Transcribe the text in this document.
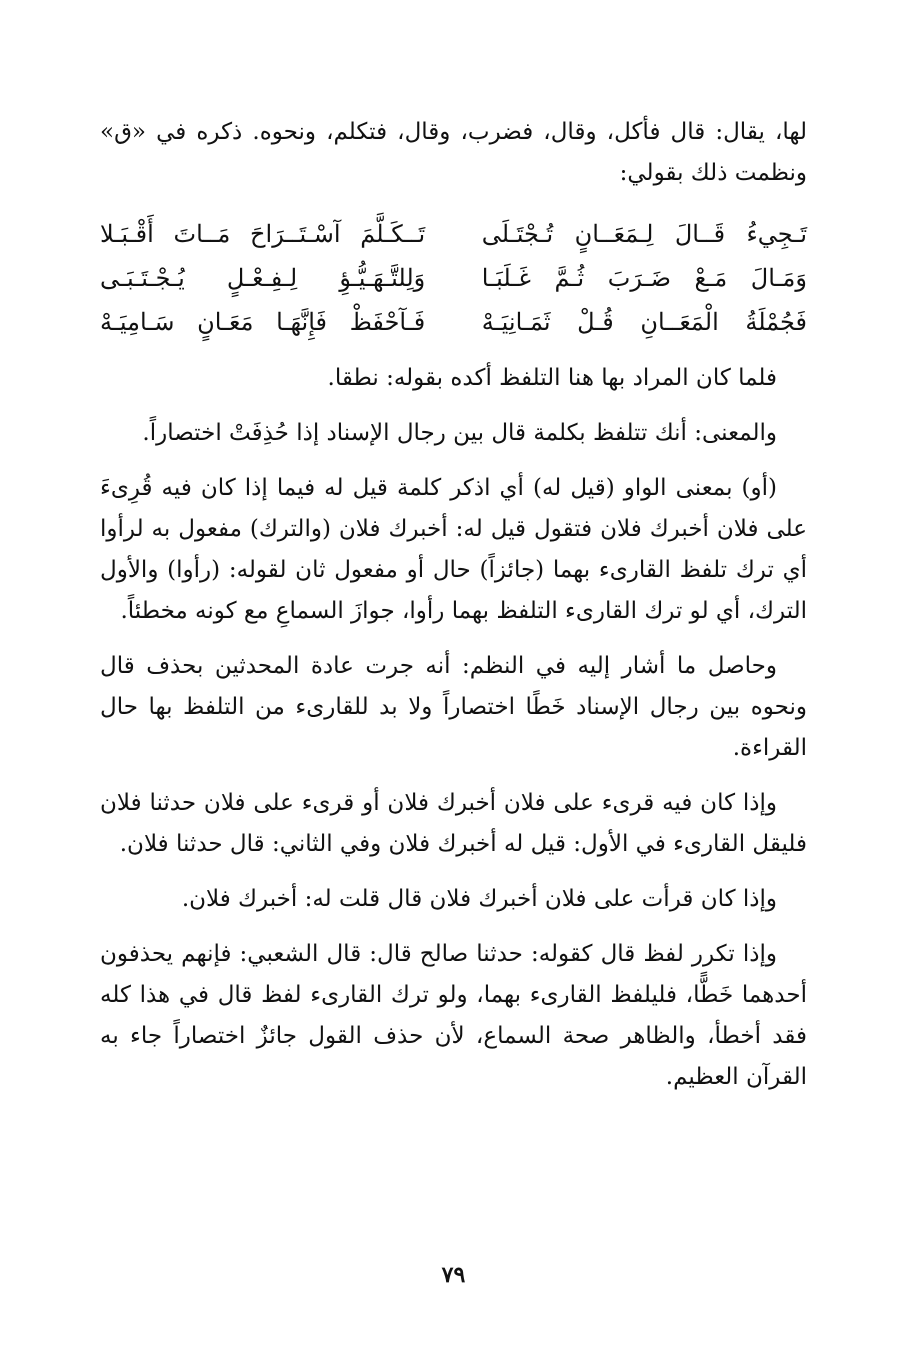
لها، يقال: قال فأكل، وقال، فضرب، وقال، فتكلم، ونحوه. ذكره في «ق» ونظمت ذلك بقولي:

تَـجِيءُ قَــالَ لِـمَعَــانٍ تُـجْتَـلَى
تَــكَـلَّمَ آسْـتَــرَاحَ مَــاتَ أَقْـبَـلا
وَمَـالَ مَـعْ ضَـرَبَ ثُـمَّ غَـلَبَـا
وَلِلتَّـهَـيُّـؤِ لِـفِـعْـلٍ يُـجْـتَـبَـى
فَجُمْلَةُ الْمَعَــانِ قُـلْ ثَمَـانِيَـهْ
فَـآحْفَظْ فَإِنَّهَـا مَعَـانٍ سَـامِيَـهْ

فلما كان المراد بها هنا التلفظ أكده بقوله: نطقا.

والمعنى: أنك تتلفظ بكلمة قال بين رجال الإسناد إذا حُذِفَتْ اختصاراً.

(أو) بمعنى الواو (قيل له) أي اذكر كلمة قيل له فيما إذا كان فيه قُرِىءَ على فلان أخبرك فلان فتقول قيل له: أخبرك فلان (والترك) مفعول به لرأوا أي ترك تلفظ القارىء بهما (جائزاً) حال أو مفعول ثان لقوله: (رأوا) والأول الترك، أي لو ترك القارىء التلفظ بهما رأوا، جوازَ السماعِ مع كونه مخطئاً.

وحاصل ما أشار إليه في النظم: أنه جرت عادة المحدثين بحذف قال ونحوه بين رجال الإسناد خَطًا اختصاراً ولا بد للقارىء من التلفظ بها حال القراءة.

وإذا كان فيه قرىء على فلان أخبرك فلان أو قرىء على فلان حدثنا فلان فليقل القارىء في الأول: قيل له أخبرك فلان وفي الثاني: قال حدثنا فلان.

وإذا كان قرأت على فلان أخبرك فلان قال قلت له: أخبرك فلان.

وإذا تكرر لفظ قال كقوله: حدثنا صالح قال: قال الشعبي: فإنهم يحذفون أحدهما خَطًّا، فليلفظ القارىء بهما، ولو ترك القارىء لفظ قال في هذا كله فقد أخطأ، والظاهر صحة السماع، لأن حذف القول جائزٌ اختصاراً جاء به القرآن العظيم.

٧٩
